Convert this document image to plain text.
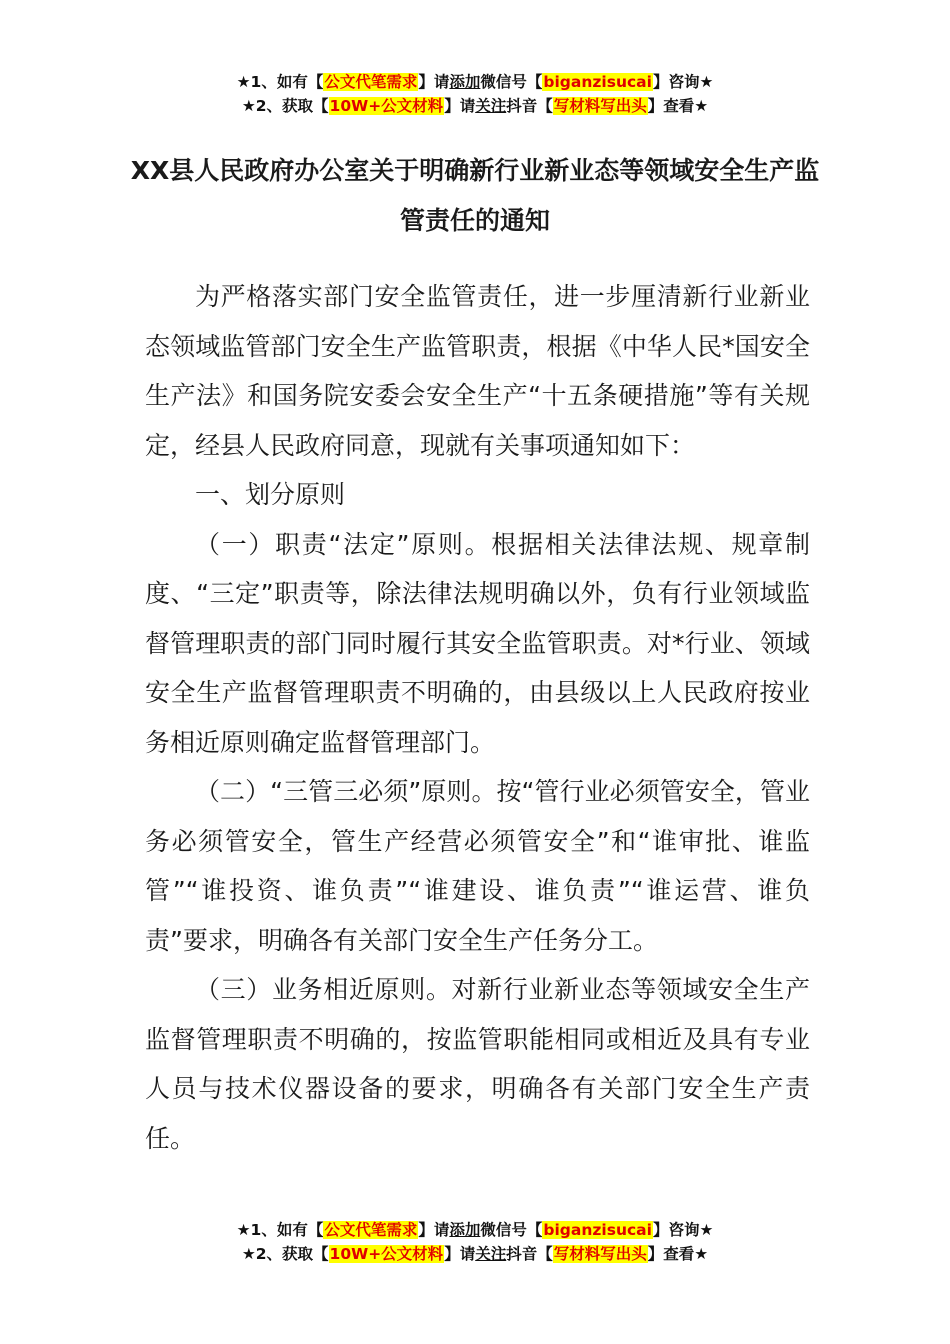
★1、如有【公文代笔需求】请添加微信号【biganzisucai】咨询★
★2、获取【10W+公文材料】请关注抖音【写材料写出头】查看★
XX县人民政府办公室关于明确新行业新业态等领域安全生产监管责任的通知

为严格落实部门安全监管责任，进一步厘清新行业新业态领域监管部门安全生产监管职责，根据《中华人民*国安全生产法》和国务院安委会安全生产“十五条硬措施”等有关规定，经县人民政府同意，现就有关事项通知如下：

一、划分原则

（一）职责“法定”原则。根据相关法律法规、规章制度、“三定”职责等，除法律法规明确以外，负有行业领域监督管理职责的部门同时履行其安全监管职责。对*行业、领域安全生产监督管理职责不明确的，由县级以上人民政府按业务相近原则确定监督管理部门。

（二）“三管三必须”原则。按“管行业必须管安全，管业务必须管安全，管生产经营必须管安全”和“谁审批、谁监管”“谁投资、谁负责”“谁建设、谁负责”“谁运营、谁负责”要求，明确各有关部门安全生产任务分工。

（三）业务相近原则。对新行业新业态等领域安全生产监督管理职责不明确的，按监管职能相同或相近及具有专业人员与技术仪器设备的要求，明确各有关部门安全生产责任。

★1、如有【公文代笔需求】请添加微信号【biganzisucai】咨询★
★2、获取【10W+公文材料】请关注抖音【写材料写出头】查看★
